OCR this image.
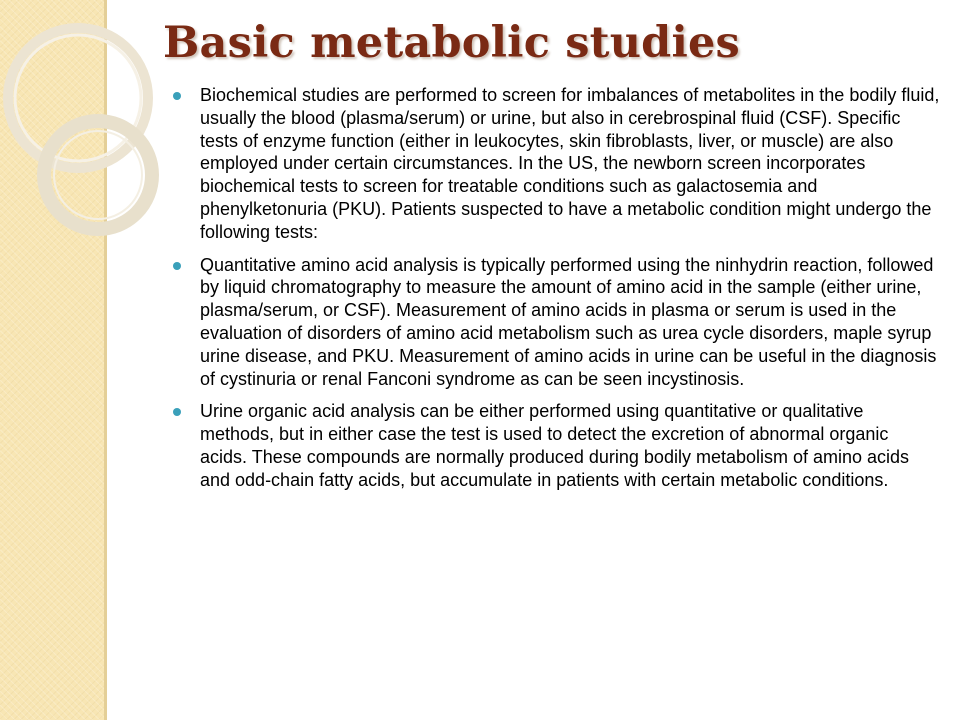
Basic metabolic studies
Biochemical studies are performed to screen for imbalances of metabolites in the bodily fluid, usually the blood (plasma/serum) or urine, but also in cerebrospinal fluid (CSF). Specific tests of enzyme function (either in leukocytes, skin fibroblasts, liver, or muscle) are also employed under certain circumstances. In the US, the newborn screen incorporates biochemical tests to screen for treatable conditions such as galactosemia and phenylketonuria (PKU). Patients suspected to have a metabolic condition might undergo the following tests:
Quantitative amino acid analysis is typically performed using the ninhydrin reaction, followed by liquid chromatography to measure the amount of amino acid in the sample (either urine, plasma/serum, or CSF). Measurement of amino acids in plasma or serum is used in the evaluation of disorders of amino acid metabolism such as urea cycle disorders, maple syrup urine disease, and PKU. Measurement of amino acids in urine can be useful in the diagnosis of cystinuria or renal Fanconi syndrome as can be seen incystinosis.
Urine organic acid analysis can be either performed using quantitative or qualitative methods, but in either case the test is used to detect the excretion of abnormal organic acids. These compounds are normally produced during bodily metabolism of amino acids and odd-chain fatty acids, but accumulate in patients with certain metabolic conditions.
